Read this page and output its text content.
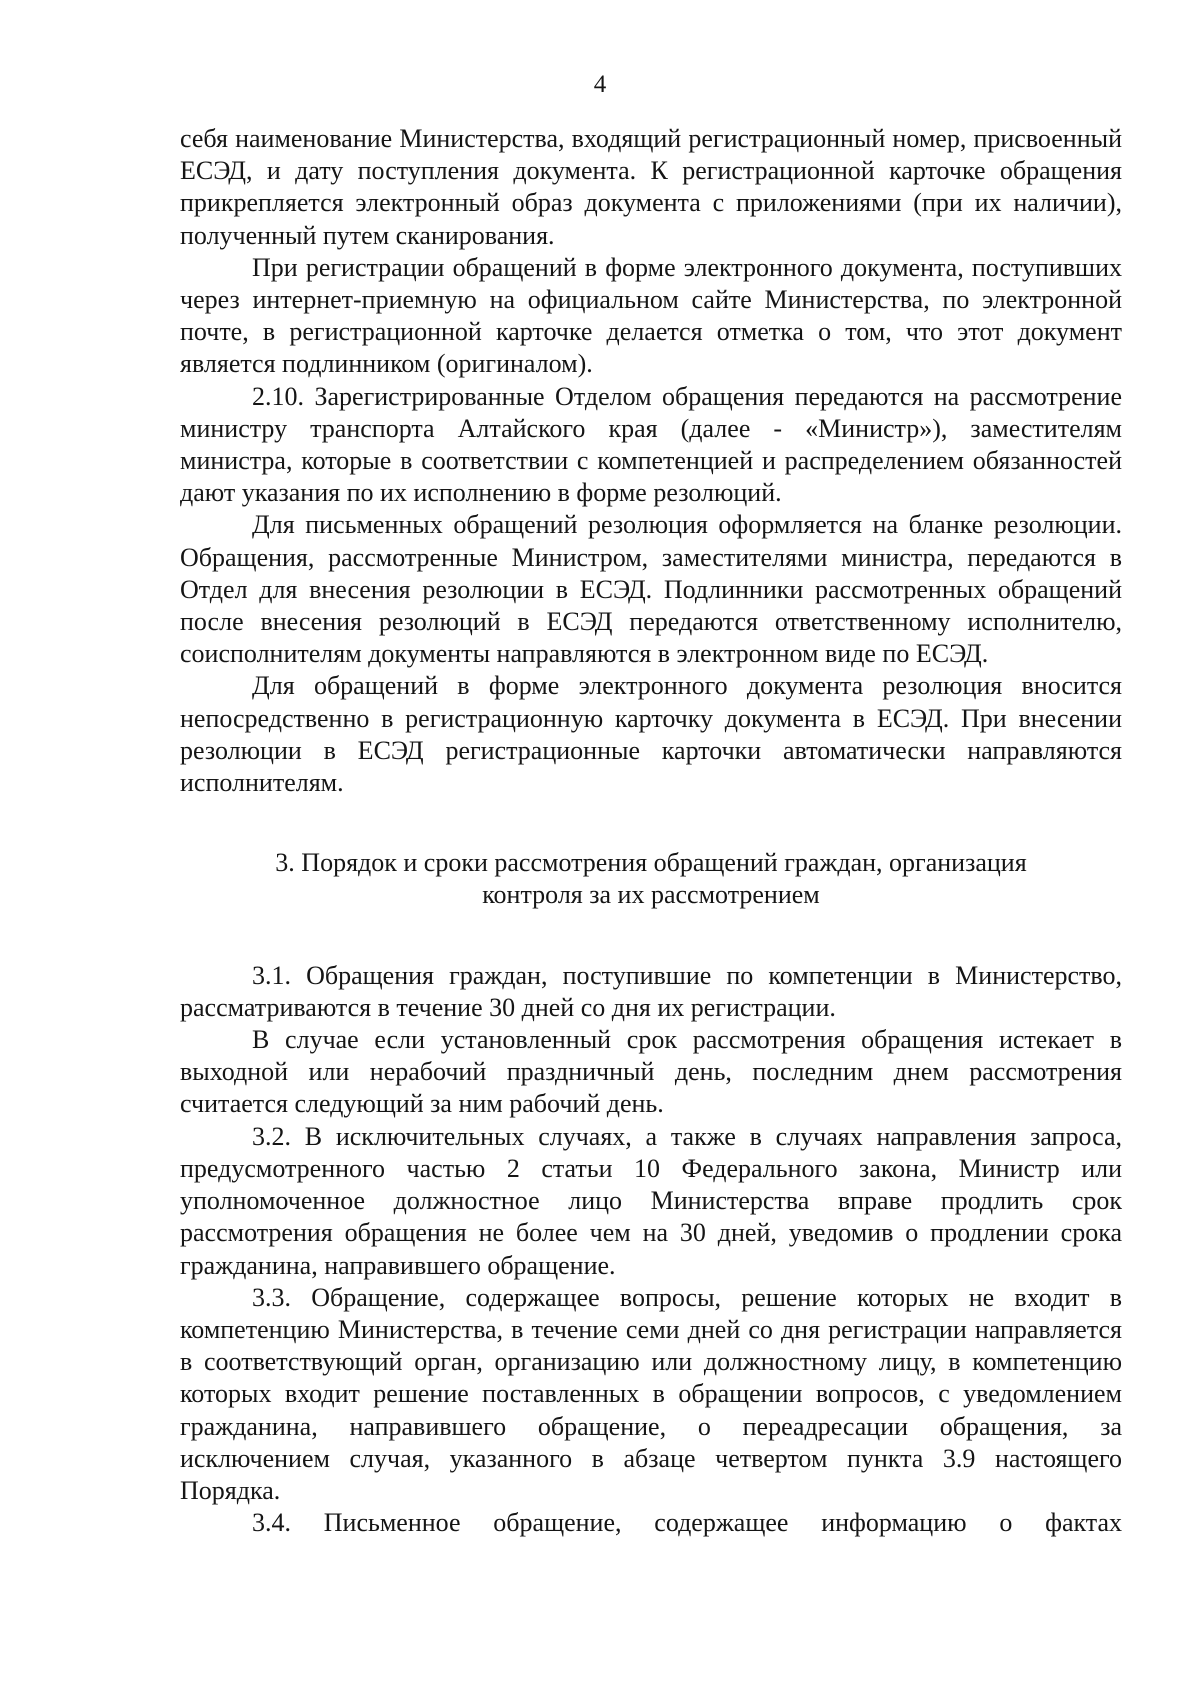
4

себя наименование Министерства, входящий регистрационный номер, присвоенный ЕСЭД, и дату поступления документа. К регистрационной карточке обращения прикрепляется электронный образ документа с приложениями (при их наличии), полученный путем сканирования.

При регистрации обращений в форме электронного документа, поступивших через интернет-приемную на официальном сайте Министерства, по электронной почте, в регистрационной карточке делается отметка о том, что этот документ является подлинником (оригиналом).

2.10. Зарегистрированные Отделом обращения передаются на рассмотрение министру транспорта Алтайского края (далее - «Министр»), заместителям министра, которые в соответствии с компетенцией и распределением обязанностей дают указания по их исполнению в форме резолюций.

Для письменных обращений резолюция оформляется на бланке резолюции. Обращения, рассмотренные Министром, заместителями министра, передаются в Отдел для внесения резолюции в ЕСЭД. Подлинники рассмотренных обращений после внесения резолюций в ЕСЭД передаются ответственному исполнителю, соисполнителям документы направляются в электронном виде по ЕСЭД.

Для обращений в форме электронного документа резолюция вносится непосредственно в регистрационную карточку документа в ЕСЭД. При внесении резолюции в ЕСЭД регистрационные карточки автоматически направляются исполнителям.

3. Порядок и сроки рассмотрения обращений граждан, организация
контроля за их рассмотрением

3.1. Обращения граждан, поступившие по компетенции в Министерство, рассматриваются в течение 30 дней со дня их регистрации.

В случае если установленный срок рассмотрения обращения истекает в выходной или нерабочий праздничный день, последним днем рассмотрения считается следующий за ним рабочий день.

3.2. В исключительных случаях, а также в случаях направления запроса, предусмотренного частью 2 статьи 10 Федерального закона, Министр или уполномоченное должностное лицо Министерства вправе продлить срок рассмотрения обращения не более чем на 30 дней, уведомив о продлении срока гражданина, направившего обращение.

3.3. Обращение, содержащее вопросы, решение которых не входит в компетенцию Министерства, в течение семи дней со дня регистрации направляется в соответствующий орган, организацию или должностному лицу, в компетенцию которых входит решение поставленных в обращении вопросов, с уведомлением гражданина, направившего обращение, о переадресации обращения, за исключением случая, указанного в абзаце четвертом пункта 3.9 настоящего Порядка.

3.4. Письменное обращение, содержащее информацию о фактах
